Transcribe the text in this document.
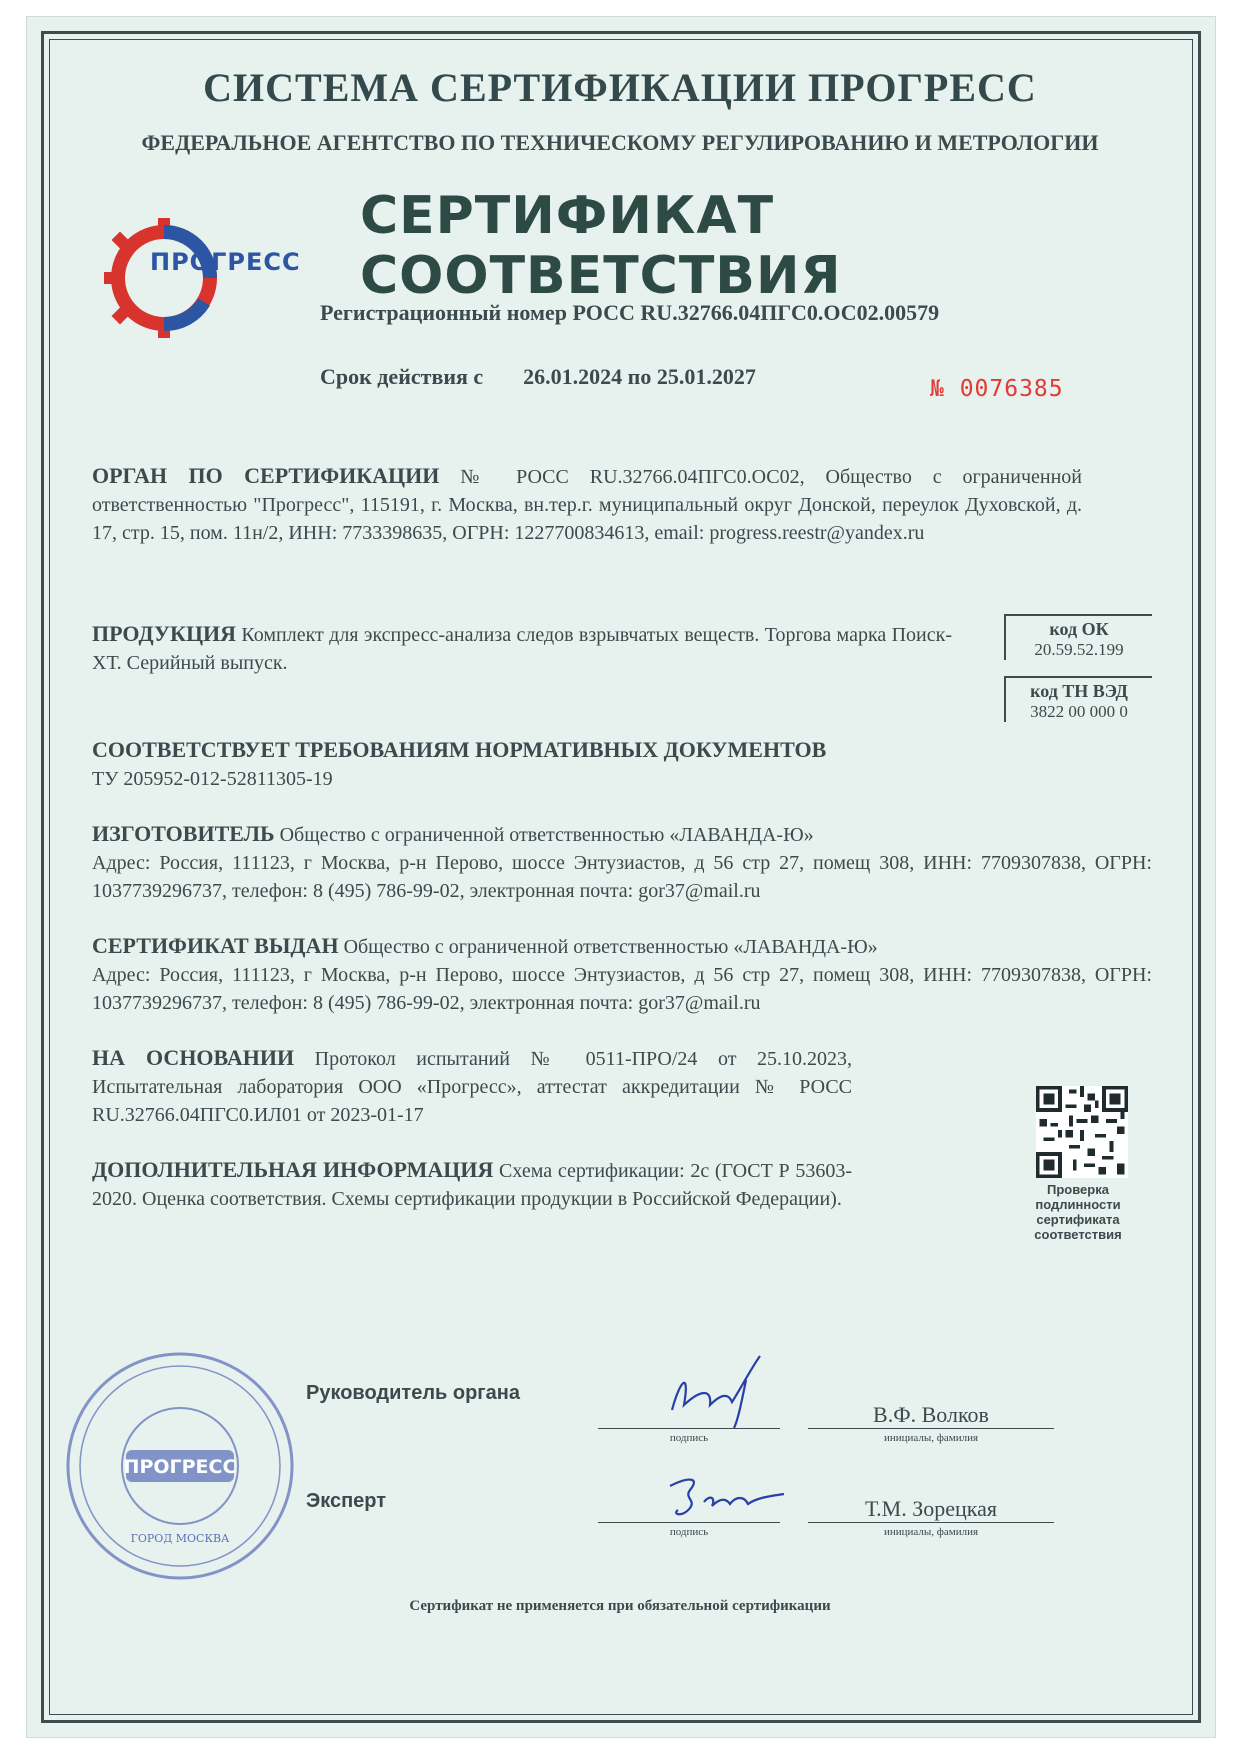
СИСТЕМА СЕРТИФИКАЦИИ ПРОГРЕСС
ФЕДЕРАЛЬНОЕ АГЕНТСТВО ПО ТЕХНИЧЕСКОМУ РЕГУЛИРОВАНИЮ И МЕТРОЛОГИИ
СЕРТИФИКАТ СООТВЕТСТВИЯ
ПРОГРЕСС
Регистрационный номер РОСС RU.32766.04ПГС0.ОС02.00579
Срок действия с 26.01.2024 по 25.01.2027	№ 0076385
ОРГАН ПО СЕРТИФИКАЦИИ № РОСС RU.32766.04ПГС0.ОС02, Общество с ограниченной ответственностью "Прогресс", 115191, г. Москва, вн.тер.г. муниципальный округ Донской, переулок Духовской, д. 17, стр. 15, пом. 11н/2, ИНН: 7733398635, ОГРН: 1227700834613, email: progress.reestr@yandex.ru
ПРОДУКЦИЯ Комплект для экспресс-анализа следов взрывчатых веществ. Торгова марка Поиск-ХТ. Серийный выпуск.
код ОК
20.59.52.199
код ТН ВЭД
3822 00 000 0
СООТВЕТСТВУЕТ ТРЕБОВАНИЯМ НОРМАТИВНЫХ ДОКУМЕНТОВ
ТУ 205952-012-52811305-19
ИЗГОТОВИТЕЛЬ Общество с ограниченной ответственностью «ЛАВАНДА-Ю»
Адрес: Россия, 111123, г Москва, р-н Перово, шоссе Энтузиастов, д 56 стр 27, помещ 308, ИНН: 7709307838, ОГРН: 1037739296737, телефон: 8 (495) 786-99-02, электронная почта: gor37@mail.ru
СЕРТИФИКАТ ВЫДАН Общество с ограниченной ответственностью «ЛАВАНДА-Ю»
Адрес: Россия, 111123, г Москва, р-н Перово, шоссе Энтузиастов, д 56 стр 27, помещ 308, ИНН: 7709307838, ОГРН: 1037739296737, телефон: 8 (495) 786-99-02, электронная почта: gor37@mail.ru
НА ОСНОВАНИИ Протокол испытаний № 0511-ПРО/24 от 25.10.2023, Испытательная лаборатория ООО «Прогресс», аттестат аккредитации № РОСС RU.32766.04ПГС0.ИЛ01 от 2023-01-17
ДОПОЛНИТЕЛЬНАЯ ИНФОРМАЦИЯ Схема сертификации: 2с (ГОСТ Р 53603-2020. Оценка соответствия. Схемы сертификации продукции в Российской Федерации).	Проверка подлинности сертификата соответствия
ПРОГРЕСС
ГОРОД МОСКВА
Руководитель органа
подпись
В.Ф. Волков
инициалы, фамилия
Эксперт
подпись
Т.М. Зорецкая
инициалы, фамилия
Сертификат не применяется при обязательной сертификации
